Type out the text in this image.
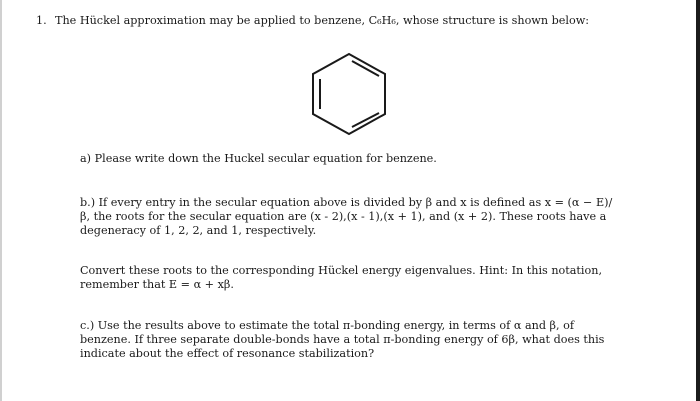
1. The Hückel approximation may be applied to benzene, C₆H₆, whose structure is shown below:
a) Please write down the Huckel secular equation for benzene.
b.) If every entry in the secular equation above is divided by β and x is defined as x = (α − E)/
β, the roots for the secular equation are (x - 2),(x - 1),(x + 1), and (x + 2). These roots have a
degeneracy of 1, 2, 2, and 1, respectively.
Convert these roots to the corresponding Hückel energy eigenvalues. Hint: In this notation,
remember that E = α + xβ.
c.) Use the results above to estimate the total π-bonding energy, in terms of α and β, of
benzene. If three separate double-bonds have a total π-bonding energy of 6β, what does this
indicate about the effect of resonance stabilization?
